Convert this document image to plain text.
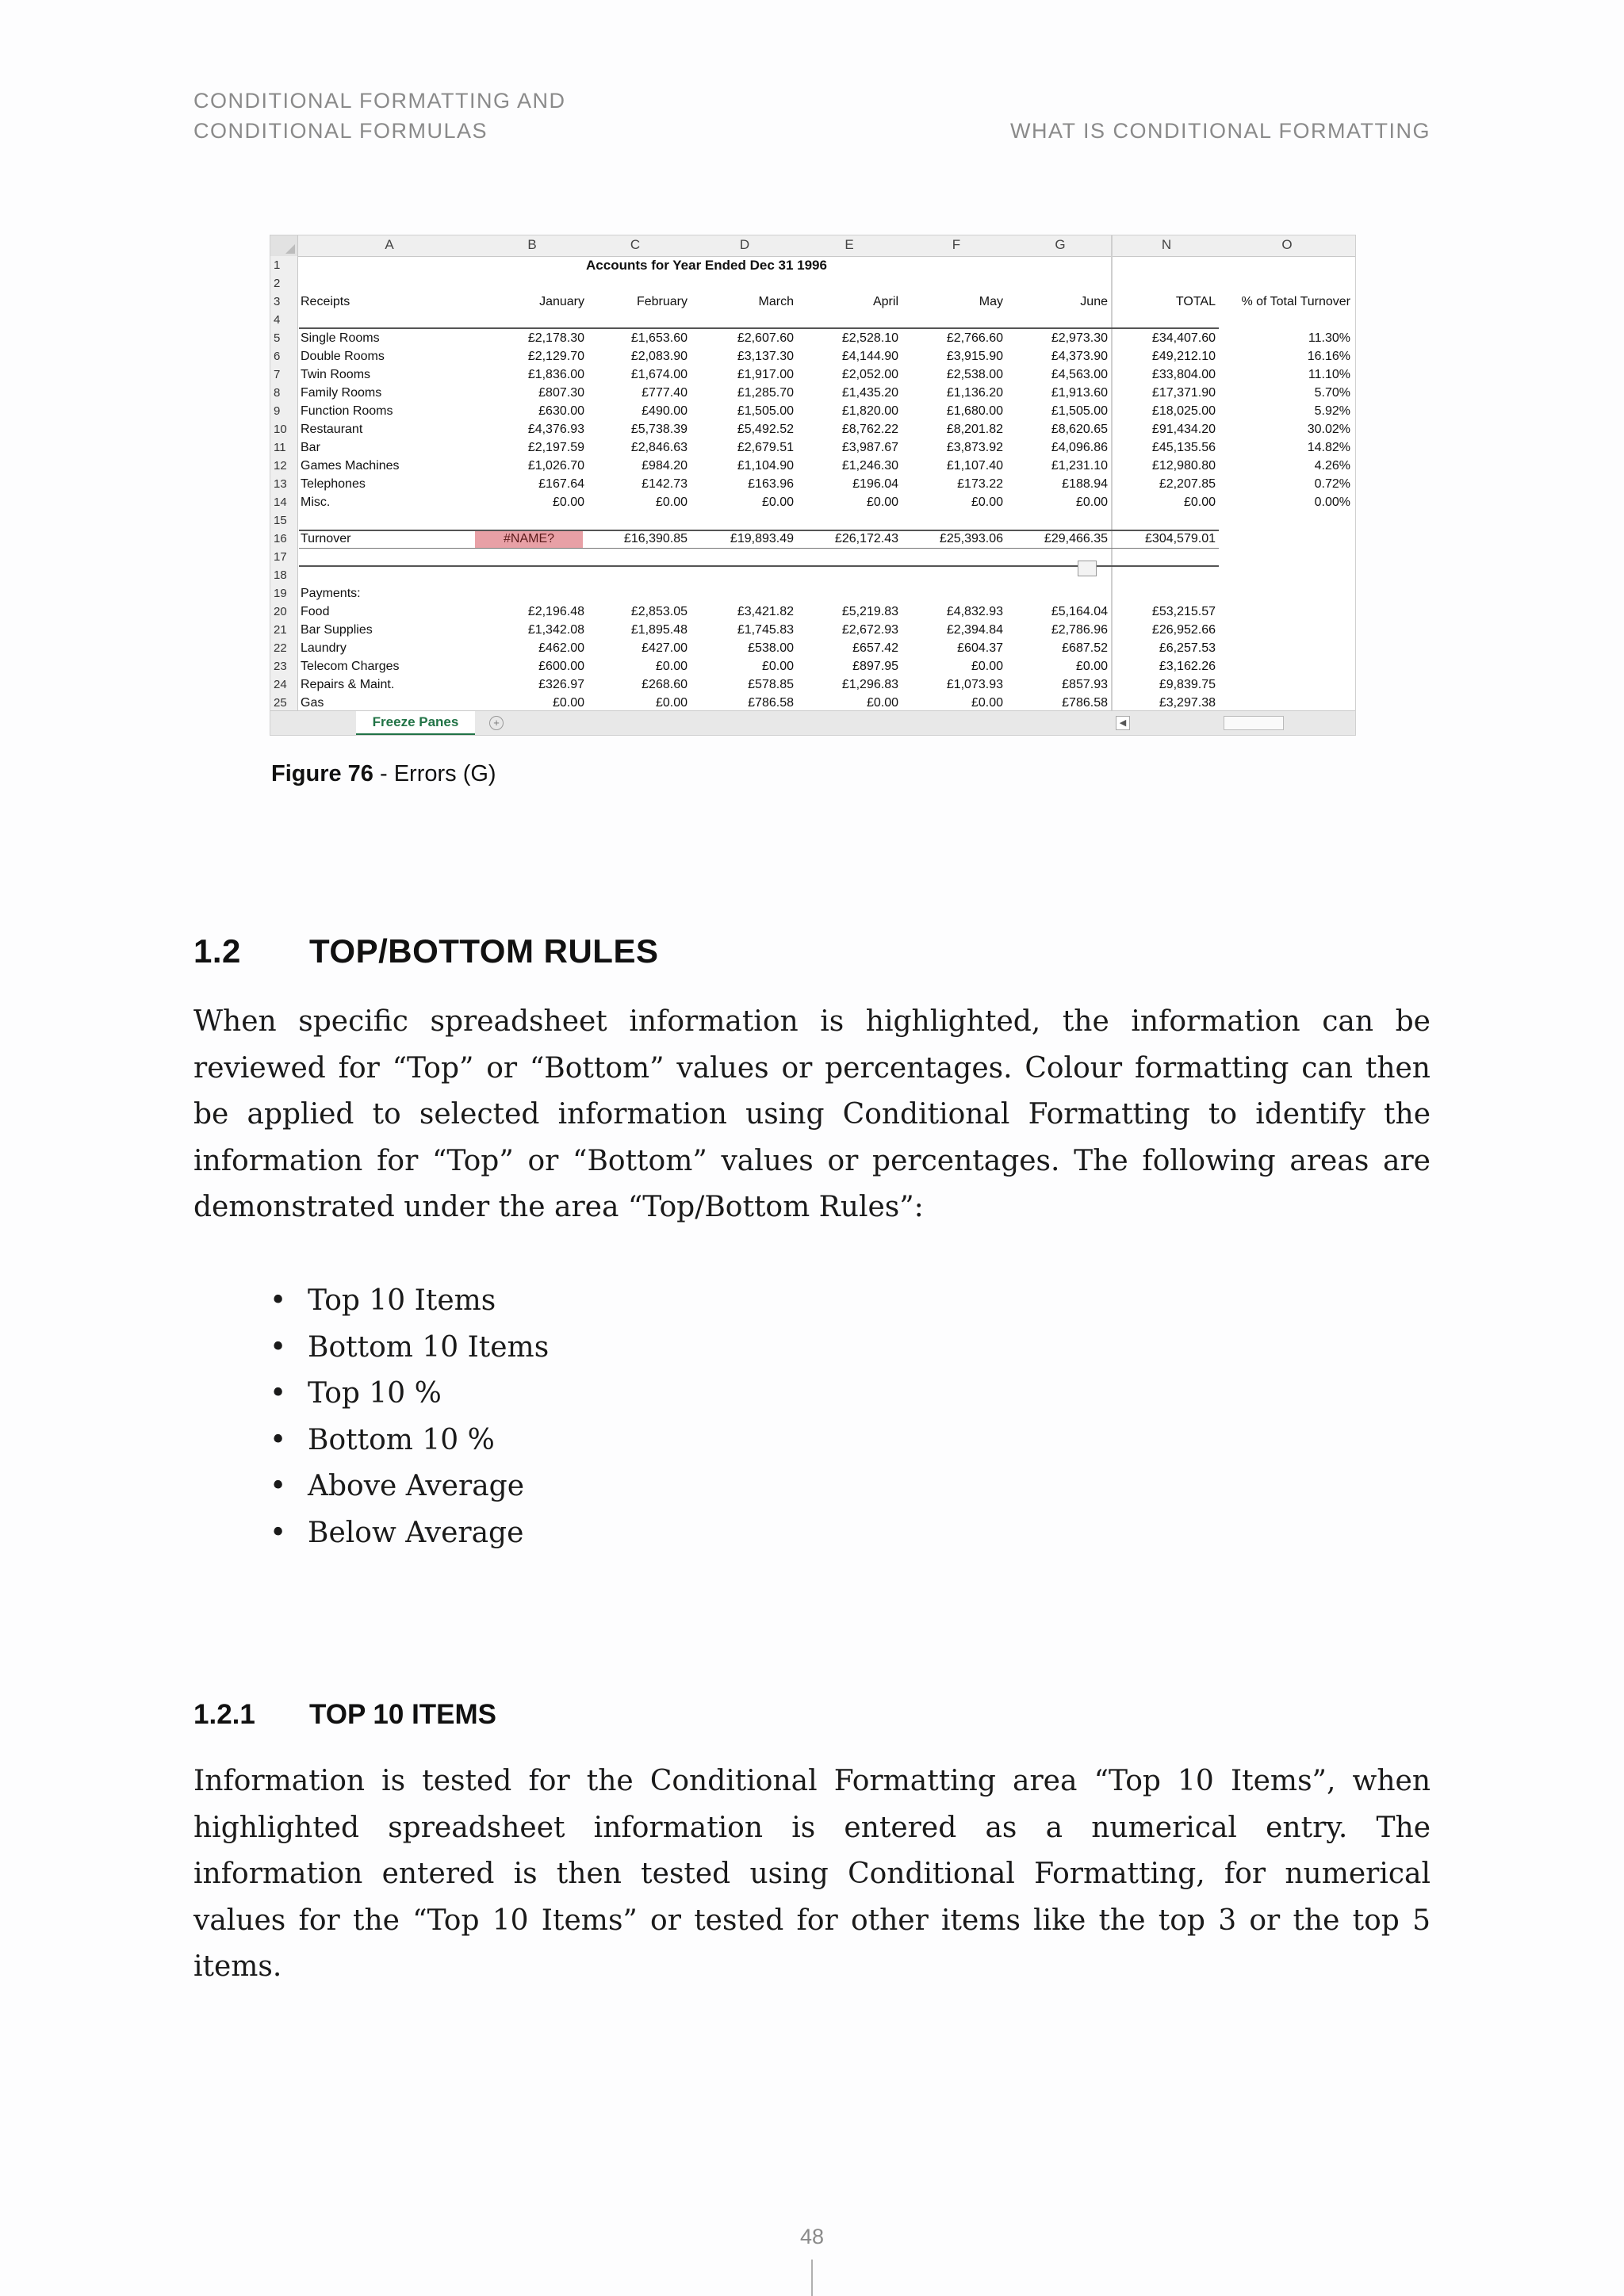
CONDITIONAL FORMATTING AND
CONDITIONAL FORMULAS	WHAT IS CONDITIONAL FORMATTING
A	B	C	D	E	F	G	N	O
1	Accounts for Year Ended Dec 31 1996
2
3	Receipts	January	February	March	April	May	June	TOTAL	% of Total Turnover
4
5	Single Rooms	£2,178.30	£1,653.60	£2,607.60	£2,528.10	£2,766.60	£2,973.30	£34,407.60	11.30%
6	Double Rooms	£2,129.70	£2,083.90	£3,137.30	£4,144.90	£3,915.90	£4,373.90	£49,212.10	16.16%
7	Twin Rooms	£1,836.00	£1,674.00	£1,917.00	£2,052.00	£2,538.00	£4,563.00	£33,804.00	11.10%
8	Family Rooms	£807.30	£777.40	£1,285.70	£1,435.20	£1,136.20	£1,913.60	£17,371.90	5.70%
9	Function Rooms	£630.00	£490.00	£1,505.00	£1,820.00	£1,680.00	£1,505.00	£18,025.00	5.92%
10	Restaurant	£4,376.93	£5,738.39	£5,492.52	£8,762.22	£8,201.82	£8,620.65	£91,434.20	30.02%
11	Bar	£2,197.59	£2,846.63	£2,679.51	£3,987.67	£3,873.92	£4,096.86	£45,135.56	14.82%
12	Games Machines	£1,026.70	£984.20	£1,104.90	£1,246.30	£1,107.40	£1,231.10	£12,980.80	4.26%
13	Telephones	£167.64	£142.73	£163.96	£196.04	£173.22	£188.94	£2,207.85	0.72%
14	Misc.	£0.00	£0.00	£0.00	£0.00	£0.00	£0.00	£0.00	0.00%
15
16	Turnover	#NAME?	£16,390.85	£19,893.49	£26,172.43	£25,393.06	£29,466.35	£304,579.01
17
18
19	Payments:
20	Food	£2,196.48	£2,853.05	£3,421.82	£5,219.83	£4,832.93	£5,164.04	£53,215.57
21	Bar Supplies	£1,342.08	£1,895.48	£1,745.83	£2,672.93	£2,394.84	£2,786.96	£26,952.66
22	Laundry	£462.00	£427.00	£538.00	£657.42	£604.37	£687.52	£6,257.53
23	Telecom Charges	£600.00	£0.00	£0.00	£897.95	£0.00	£0.00	£3,162.26
24	Repairs & Maint.	£326.97	£268.60	£578.85	£1,296.83	£1,073.93	£857.93	£9,839.75
25	Gas	£0.00	£0.00	£786.58	£0.00	£0.00	£786.58	£3,297.38
Freeze Panes	+	◀
Figure 76 - Errors (G)
1.2 TOP/BOTTOM RULES

When specific spreadsheet information is highlighted, the information can be reviewed for “Top” or “Bottom” values or percentages. Colour formatting can then be applied to selected information using Conditional Formatting to identify the information for “Top” or “Bottom” values or percentages. The following areas are demonstrated under the area “Top/Bottom Rules”:

• Top 10 Items
• Bottom 10 Items
• Top 10 %
• Bottom 10 %
• Above Average
• Below Average
1.2.1 TOP 10 ITEMS

Information is tested for the Conditional Formatting area “Top 10 Items”, when highlighted spreadsheet information is entered as a numerical entry. The information entered is then tested using Conditional Formatting, for numerical values for the “Top 10 Items” or tested for other items like the top 3 or the top 5 items.

48
